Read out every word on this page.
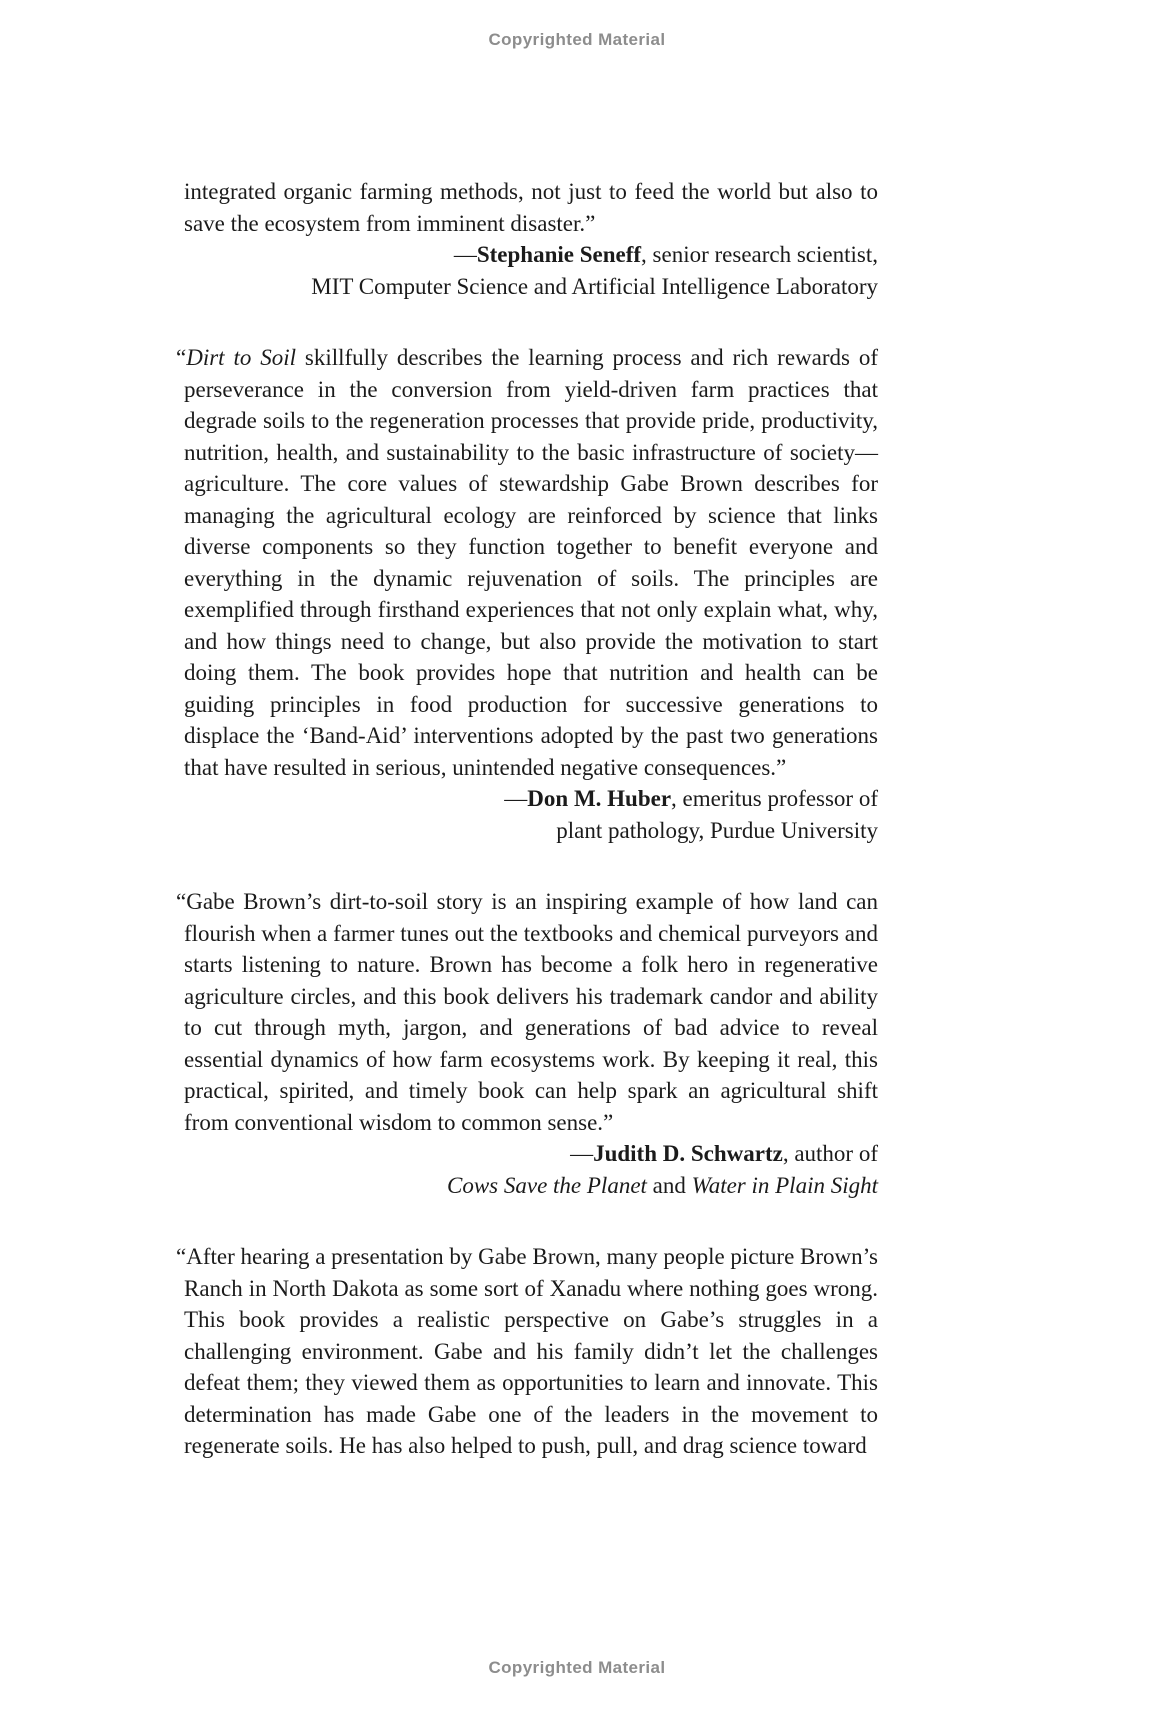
Copyrighted Material

integrated organic farming methods, not just to feed the world but also to save the ecosystem from imminent disaster.”

—Stephanie Seneff, senior research scientist,

MIT Computer Science and Artificial Intelligence Laboratory

“Dirt to Soil skillfully describes the learning process and rich rewards of perseverance in the conversion from yield-driven farm practices that degrade soils to the regeneration processes that provide pride, productivity, nutrition, health, and sustainability to the basic infrastructure of society—agriculture. The core values of stewardship Gabe Brown describes for managing the agricultural ecology are reinforced by science that links diverse components so they function together to benefit everyone and everything in the dynamic rejuvenation of soils. The principles are exemplified through firsthand experiences that not only explain what, why, and how things need to change, but also provide the motivation to start doing them. The book provides hope that nutrition and health can be guiding principles in food production for successive generations to displace the ‘Band-Aid’ interventions adopted by the past two generations that have resulted in serious, unintended negative consequences.”

—Don M. Huber, emeritus professor of

plant pathology, Purdue University

“Gabe Brown’s dirt-to-soil story is an inspiring example of how land can flourish when a farmer tunes out the textbooks and chemical purveyors and starts listening to nature. Brown has become a folk hero in regenerative agriculture circles, and this book delivers his trademark candor and ability to cut through myth, jargon, and generations of bad advice to reveal essential dynamics of how farm ecosystems work. By keeping it real, this practical, spirited, and timely book can help spark an agricultural shift from conventional wisdom to common sense.”

—Judith D. Schwartz, author of

Cows Save the Planet and Water in Plain Sight

“After hearing a presentation by Gabe Brown, many people picture Brown’s Ranch in North Dakota as some sort of Xanadu where nothing goes wrong. This book provides a realistic perspective on Gabe’s struggles in a challenging environment. Gabe and his family didn’t let the challenges defeat them; they viewed them as opportunities to learn and innovate. This determination has made Gabe one of the leaders in the movement to regenerate soils. He has also helped to push, pull, and drag science toward

Copyrighted Material
